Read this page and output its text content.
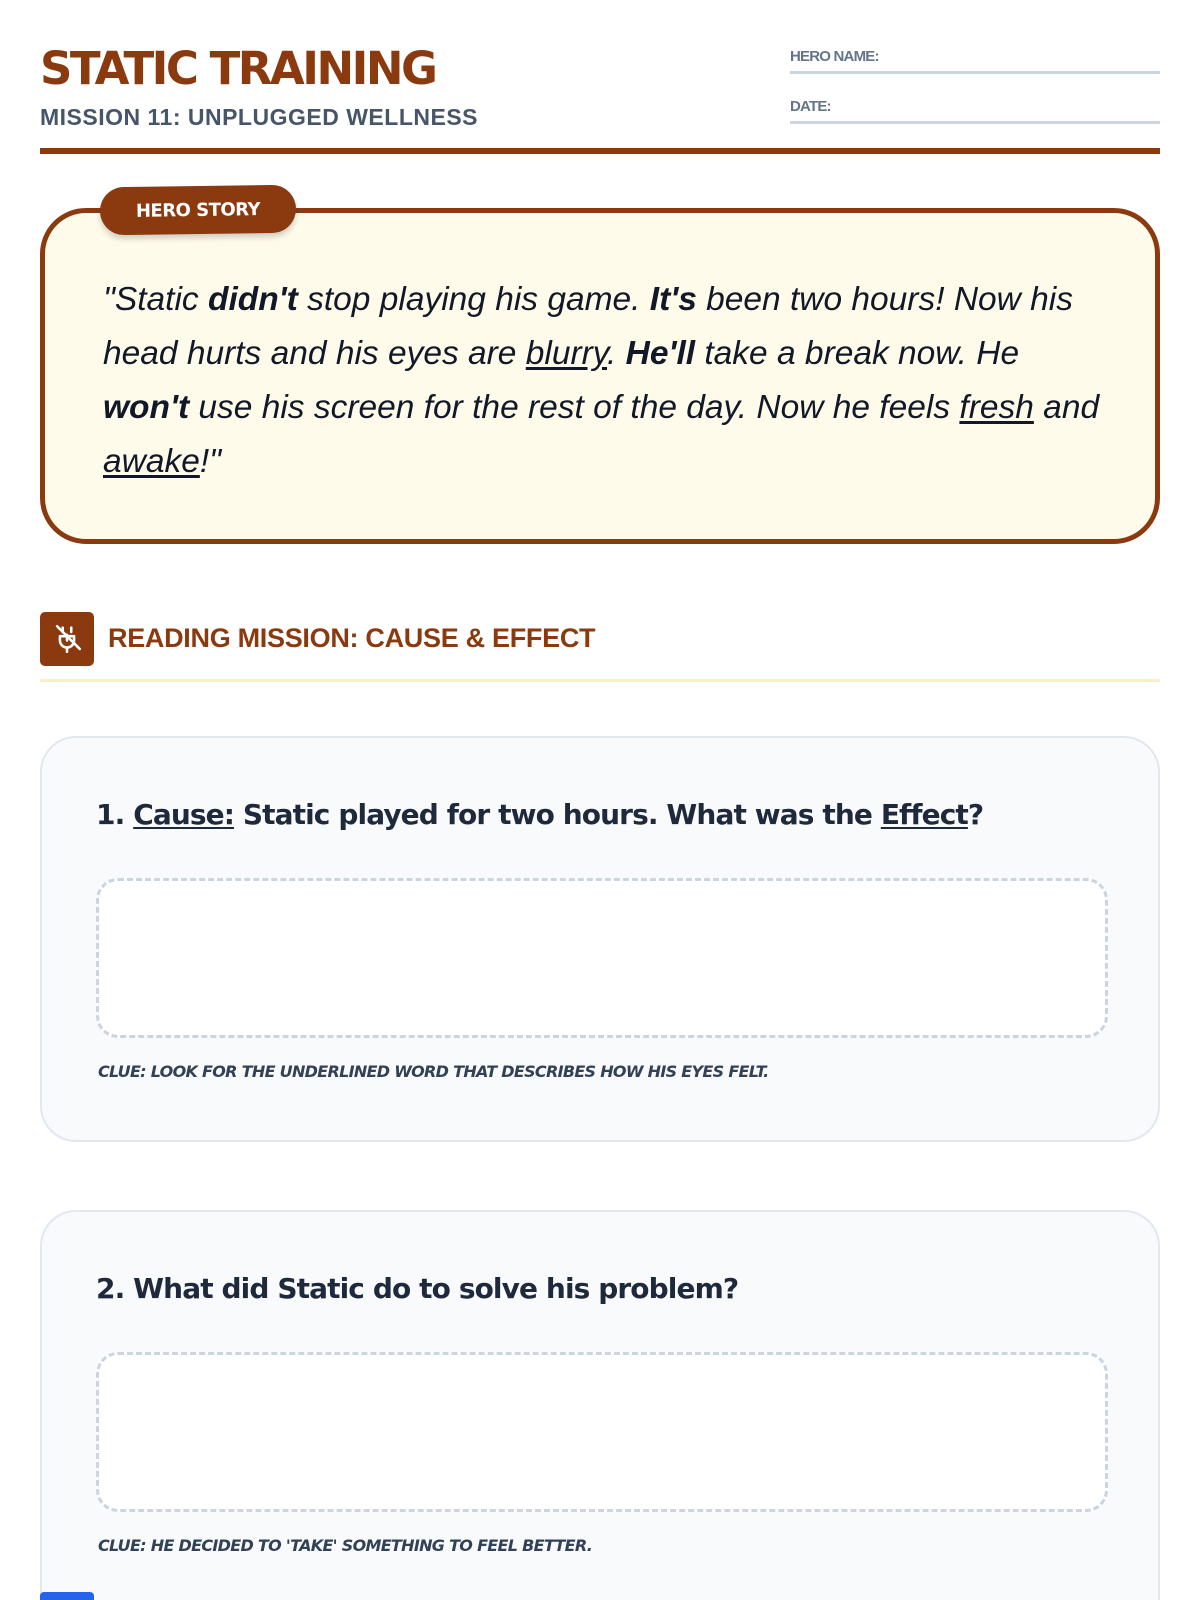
STATIC TRAINING
MISSION 11: UNPLUGGED WELLNESS
HERO NAME:
DATE:

"Static didn't stop playing his game. It's been two hours! Now his head hurts and his eyes are blurry. He'll take a break now. He won't use his screen for the rest of the day. Now he feels fresh and awake!"

HERO STORY
READING MISSION: CAUSE & EFFECT
1. Cause: Static played for two hours. What was the Effect?
CLUE: LOOK FOR THE UNDERLINED WORD THAT DESCRIBES HOW HIS EYES FELT.
2. What did Static do to solve his problem?
CLUE: HE DECIDED TO 'TAKE' SOMETHING TO FEEL BETTER.
